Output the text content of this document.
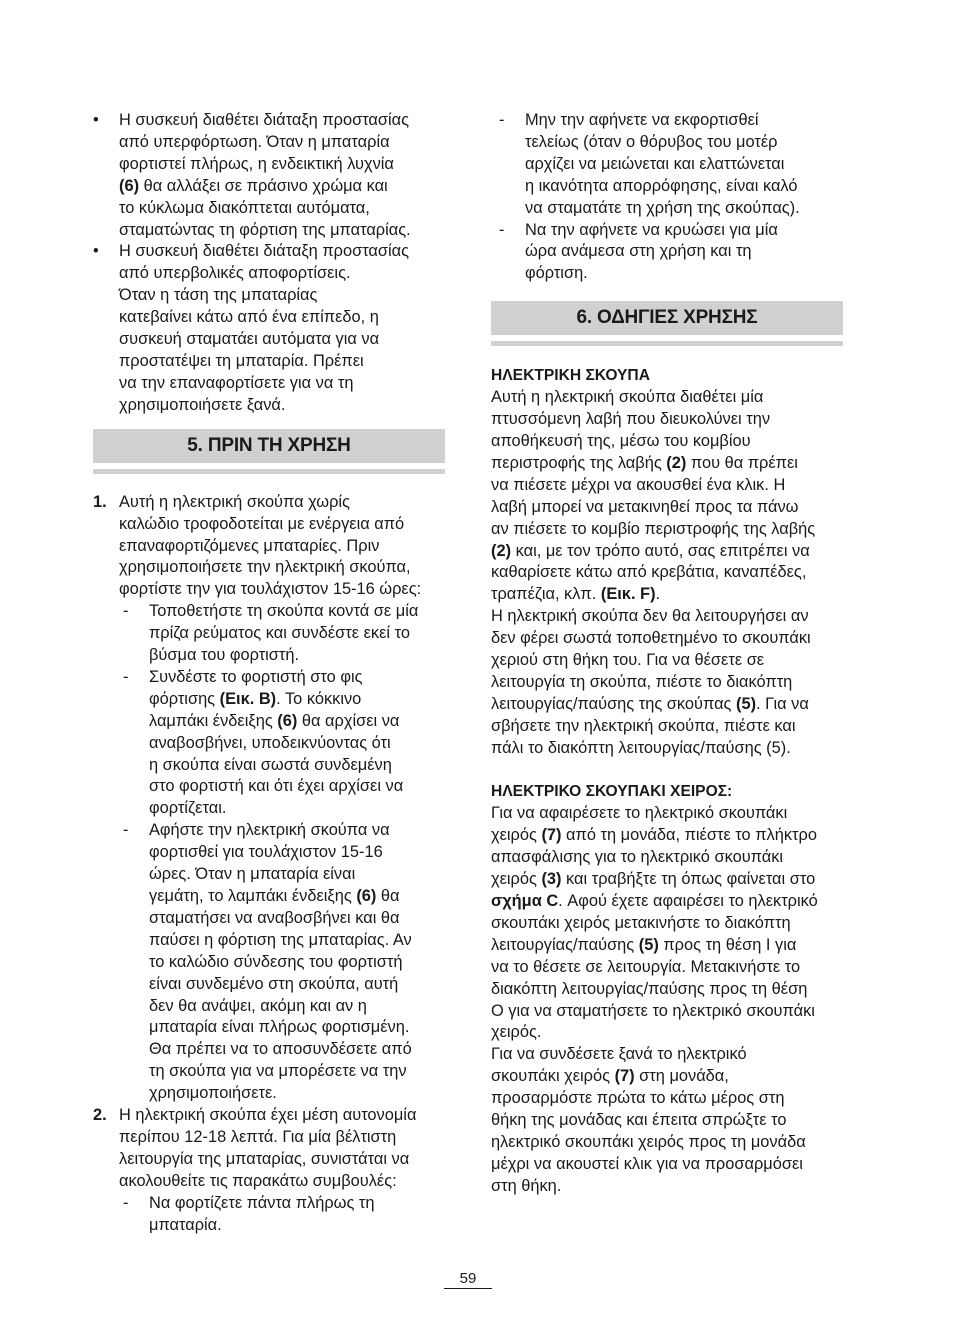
•	Η συσκευή διαθέτει διάταξη προστασίας
από υπερφόρτωση. Όταν η μπαταρία
φορτιστεί πλήρως, η ενδεικτική λυχνία
(6) θα αλλάξει σε πράσινο χρώμα και
το κύκλωμα διακόπτεται αυτόματα,
σταματώντας τη φόρτιση της μπαταρίας.

•	Η συσκευή διαθέτει διάταξη προστασίας
από υπερβολικές αποφορτίσεις.
Όταν η τάση της μπαταρίας
κατεβαίνει κάτω από ένα επίπεδο, η
συσκευή σταματάει αυτόματα για να
προστατέψει τη μπαταρία. Πρέπει
να την επαναφορτίσετε για να τη
χρησιμοποιήσετε ξανά.

5. ΠΡΙΝ ΤΗ ΧΡΗΣΗ
1. Αυτή η ηλεκτρική σκούπα χωρίς
καλώδιο τροφοδοτείται με ενέργεια από
επαναφορτιζόμενες μπαταρίες. Πριν
χρησιμοποιήσετε την ηλεκτρική σκούπα,
φορτίστε την για τουλάχιστον 15-16 ώρες:

- Τοποθετήστε τη σκούπα κοντά σε μία
πρίζα ρεύματος και συνδέστε εκεί το
βύσμα του φορτιστή.

- Συνδέστε το φορτιστή στο φις
φόρτισης (Εικ. B). Το κόκκινο
λαμπάκι ένδειξης (6) θα αρχίσει να
αναβοσβήνει, υποδεικνύοντας ότι
η σκούπα είναι σωστά συνδεμένη
στο φορτιστή και ότι έχει αρχίσει να
φορτίζεται.

- Αφήστε την ηλεκτρική σκούπα να
φορτισθεί για τουλάχιστον 15-16
ώρες. Όταν η μπαταρία είναι
γεμάτη, το λαμπάκι ένδειξης (6) θα
σταματήσει να αναβοσβήνει και θα
παύσει η φόρτιση της μπαταρίας. Αν
το καλώδιο σύνδεσης του φορτιστή
είναι συνδεμένο στη σκούπα, αυτή
δεν θα ανάψει, ακόμη και αν η
μπαταρία είναι πλήρως φορτισμένη.
Θα πρέπει να το αποσυνδέσετε από
τη σκούπα για να μπορέσετε να την
χρησιμοποιήσετε.

2. Η ηλεκτρική σκούπα έχει μέση αυτονομία
περίπου 12-18 λεπτά. Για μία βέλτιστη
λειτουργία της μπαταρίας, συνιστάται να
ακολουθείτε τις παρακάτω συμβουλές:

- Να φορτίζετε πάντα πλήρως τη
μπαταρία.

- Μην την αφήνετε να εκφορτισθεί
τελείως (όταν ο θόρυβος του μοτέρ
αρχίζει να μειώνεται και ελαττώνεται
η ικανότητα απορρόφησης, είναι καλό
να σταματάτε τη χρήση της σκούπας).

- Να την αφήνετε να κρυώσει για μία
ώρα ανάμεσα στη χρήση και τη
φόρτιση.

6. ΟΔΗΓΙΕΣ ΧΡΗΣΗΣ
ΗΛΕΚΤΡΙΚΗ ΣΚΟΥΠΑ

Αυτή η ηλεκτρική σκούπα διαθέτει μία
πτυσσόμενη λαβή που διευκολύνει την
αποθήκευσή της, μέσω του κομβίου
περιστροφής της λαβής (2) που θα πρέπει
να πιέσετε μέχρι να ακουσθεί ένα κλικ. Η
λαβή μπορεί να μετακινηθεί προς τα πάνω
αν πιέσετε το κομβίο περιστροφής της λαβής
(2) και, με τον τρόπο αυτό, σας επιτρέπει να
καθαρίσετε κάτω από κρεβάτια, καναπέδες,
τραπέζια, κλπ. (Εικ. F).
Η ηλεκτρική σκούπα δεν θα λειτουργήσει αν
δεν φέρει σωστά τοποθετημένο το σκουπάκι
χεριού στη θήκη του. Για να θέσετε σε
λειτουργία τη σκούπα, πιέστε το διακόπτη
λειτουργίας/παύσης της σκούπας (5). Για να
σβήσετε την ηλεκτρική σκούπα, πιέστε και
πάλι το διακόπτη λειτουργίας/παύσης (5).

ΗΛΕΚΤΡΙΚΟ ΣΚΟΥΠΑΚΙ ΧΕΙΡΟΣ:

Για να αφαιρέσετε το ηλεκτρικό σκουπάκι
χειρός (7) από τη μονάδα, πιέστε το πλήκτρο
απασφάλισης για το ηλεκτρικό σκουπάκι
χειρός (3) και τραβήξτε τη όπως φαίνεται στο
σχήμα C. Αφού έχετε αφαιρέσει το ηλεκτρικό
σκουπάκι χειρός μετακινήστε το διακόπτη
λειτουργίας/παύσης (5) προς τη θέση I για
να το θέσετε σε λειτουργία. Μετακινήστε το
διακόπτη λειτουργίας/παύσης προς τη θέση
O για να σταματήσετε το ηλεκτρικό σκουπάκι
χειρός.
Για να συνδέσετε ξανά το ηλεκτρικό
σκουπάκι χειρός (7) στη μονάδα,
προσαρμόστε πρώτα το κάτω μέρος στη
θήκη της μονάδας και έπειτα σπρώξτε το
ηλεκτρικό σκουπάκι χειρός προς τη μονάδα
μέχρι να ακουστεί κλικ για να προσαρμόσει
στη θήκη.

59
